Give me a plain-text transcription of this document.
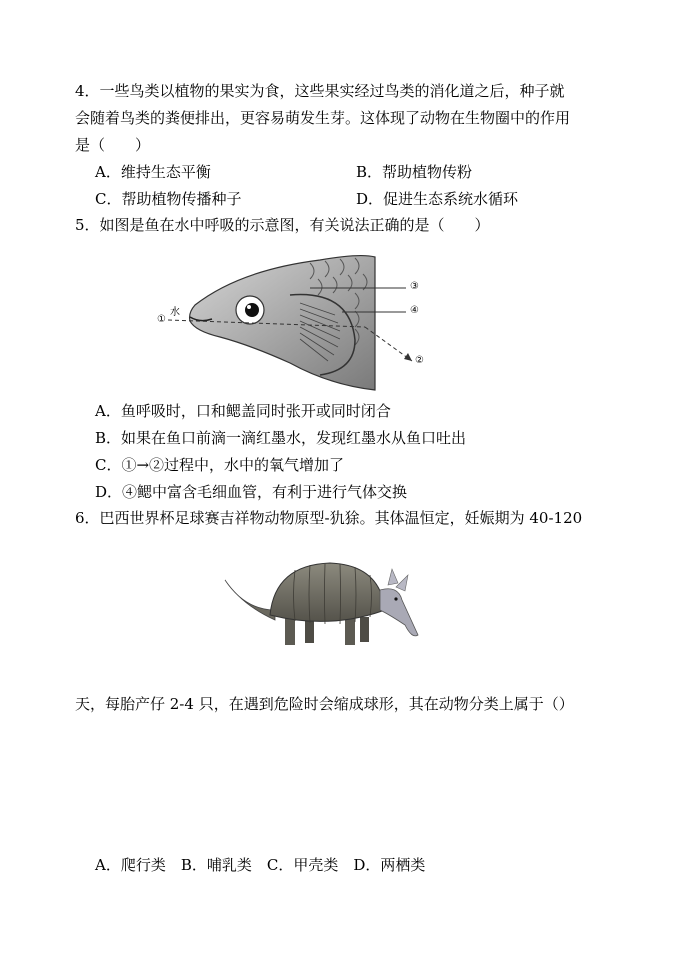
4．一些鸟类以植物的果实为食，这些果实经过鸟类的消化道之后，种子就
会随着鸟类的粪便排出，更容易萌发生芽。这体现了动物在生物圈中的作用
是（　　）
A．维持生态平衡	B．帮助植物传粉
C．帮助植物传播种子	D．促进生态系统水循环
5．如图是鱼在水中呼吸的示意图，有关说法正确的是（　　）
水
①
②
③
④
A．鱼呼吸时，口和鳃盖同时张开或同时闭合
B．如果在鱼口前滴一滴红墨水，发现红墨水从鱼口吐出
C．①→②过程中，水中的氧气增加了
D．④鳃中富含毛细血管，有利于进行气体交换
6．巴西世界杯足球赛吉祥物动物原型-犰狳。其体温恒定，妊娠期为 40-120
天，每胎产仔 2-4 只，在遇到危险时会缩成球形，其在动物分类上属于（）
A．爬行类　B．哺乳类　C．甲壳类　D．两栖类
